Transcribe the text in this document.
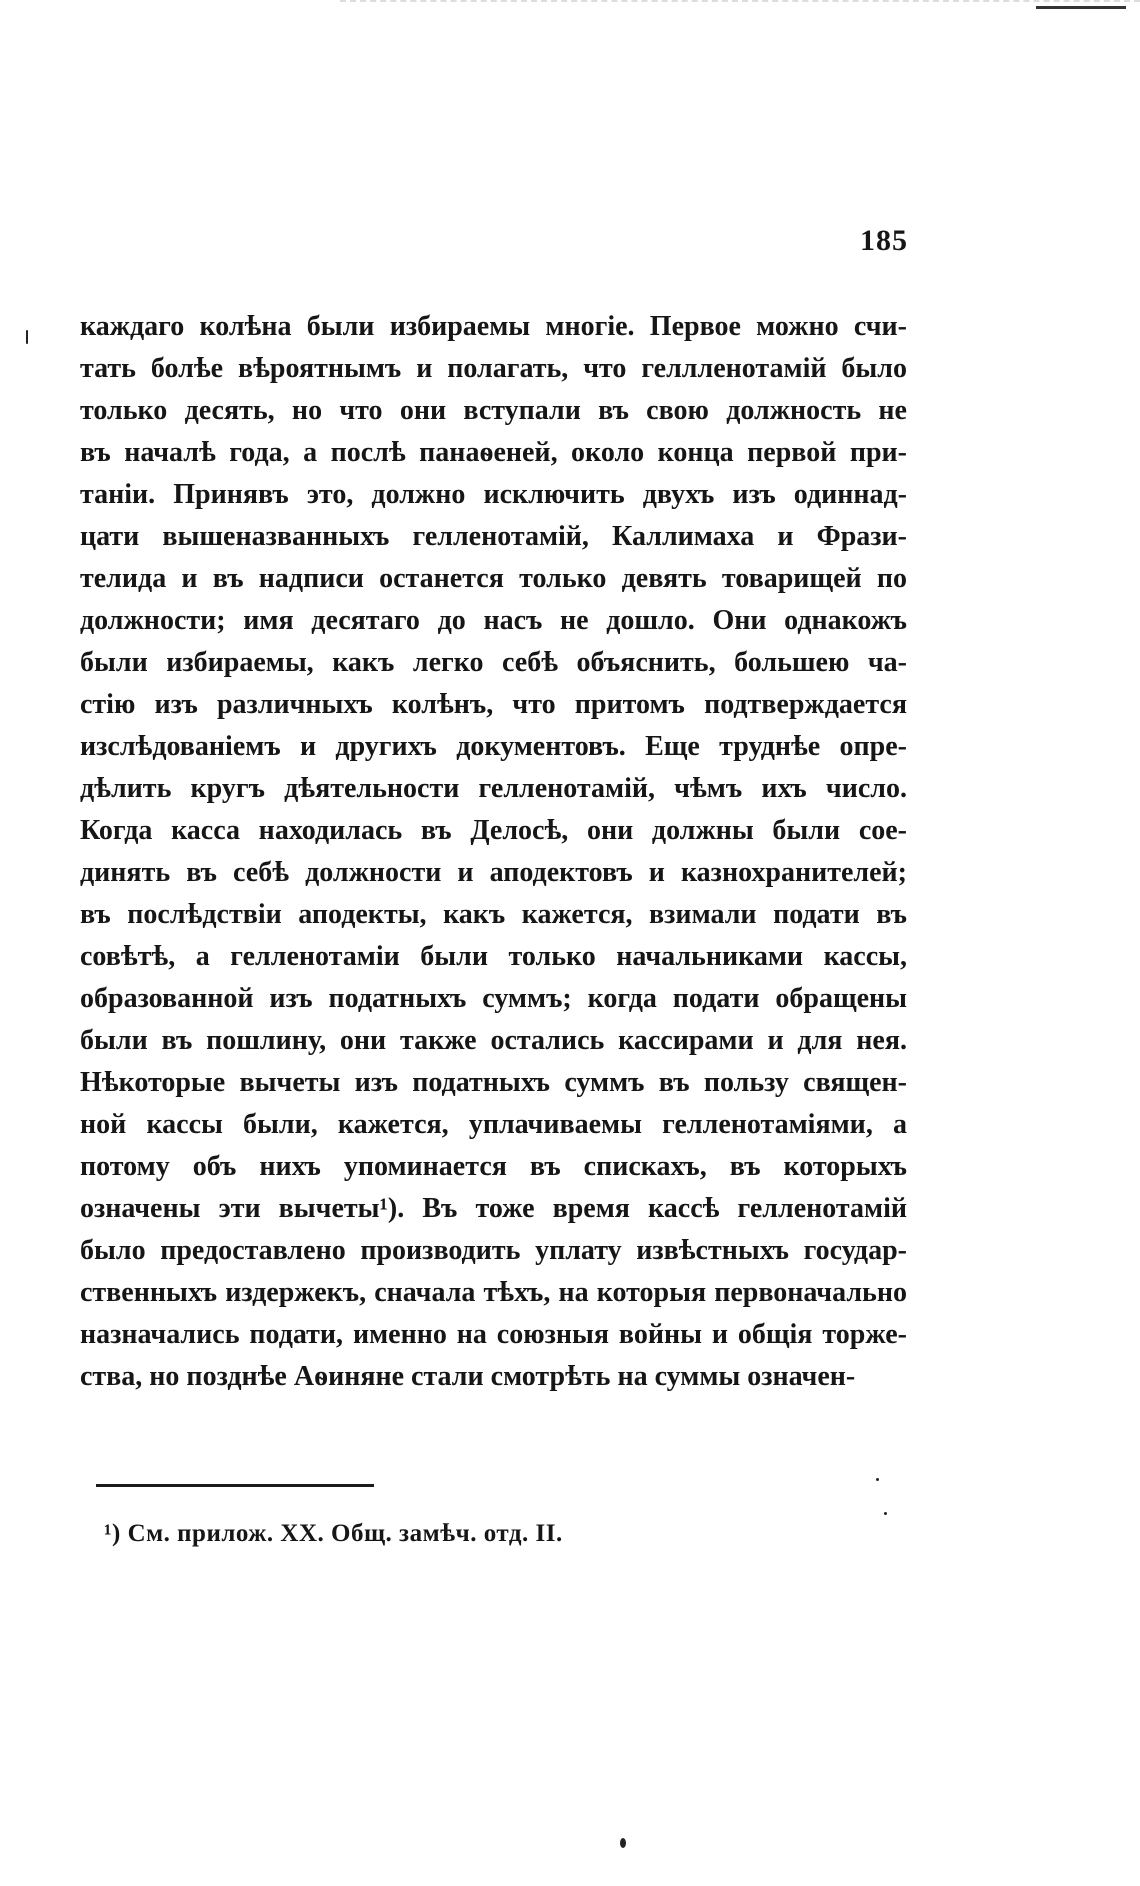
185
каждаго колѣна были избираемы многіе. Первое можно счи-
тать болѣе вѣроятнымъ и полагать, что геллленотамій было
только десять, но что они вступали въ свою должность не
въ началѣ года, а послѣ панаѳеней, около конца первой при-
таніи. Принявъ это, должно исключить двухъ изъ одиннад-
цати вышеназванныхъ гелленотамій, Каллимаха и Фрази-
телида и въ надписи останется только девять товарищей по
должности; имя десятаго до насъ не дошло. Они однакожъ
были избираемы, какъ легко себѣ объяснить, большею ча-
стію изъ различныхъ колѣнъ, что притомъ подтверждается
изслѣдованіемъ и другихъ документовъ. Еще труднѣе опре-
дѣлить кругъ дѣятельности гелленотамій, чѣмъ ихъ число.
Когда касса находилась въ Делосѣ, они должны были сое-
динять въ себѣ должности и аподектовъ и казнохранителей;
въ послѣдствіи аподекты, какъ кажется, взимали подати въ
совѣтѣ, а гелленотаміи были только начальниками кассы,
образованной изъ податныхъ суммъ; когда подати обращены
были въ пошлину, они также остались кассирами и для нея.
Нѣкоторые вычеты изъ податныхъ суммъ въ пользу священ-
ной кассы были, кажется, уплачиваемы гелленотаміями, а
потому объ нихъ упоминается въ спискахъ, въ которыхъ
означены эти вычеты¹). Въ тоже время кассѣ гелленотамій
было предоставлено производить уплату извѣстныхъ государ-
ственныхъ издержекъ, сначала тѣхъ, на которыя первоначально
назначались подати, именно на союзныя войны и общія торже-
ства, но позднѣе Аѳиняне стали смотрѣть на суммы означен-
¹) См. прилож. XX. Общ. замѣч. отд. II.
